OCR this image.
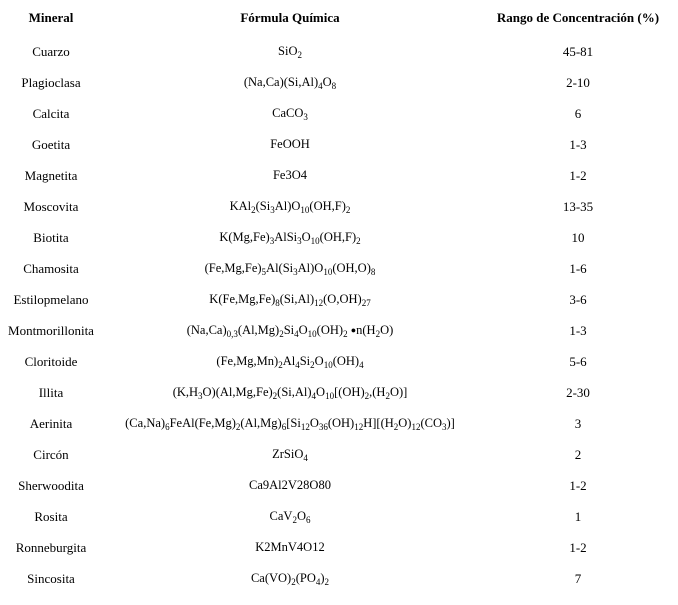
Mineral	Fórmula Química	Rango de Concentración (%)
Cuarzo	SiO$_2$	45-81
Plagioclasa	$(Na,Ca)(Si,Al)_4O_8$	2-10
Calcita	CaCO$_3$	6
Goetita	FeOOH	1-3
Magnetita	Fe3O4	1-2
Moscovita	$KAl_2(Si_3Al)O_{10}(OH,F)_2$	13-35
Biotita	$K(Mg,Fe)_3AlSi_3O_{10}(OH,F)_2$	10
Chamosita	$(Fe,Mg,Fe)_5Al(Si_3Al)O_{10}(OH,O)_8$	1-6
Estilopmelano	$K(Fe,Mg,Fe)_8(Si,Al)_{12}(O,OH)_{27}$	3-6
Montmorillonita	$(Na,Ca)_{0,3}(Al,Mg)_2Si_4O_{10}(OH)_2$ $●n(H_2O)$	1-3
Cloritoide	$(Fe,Mg,Mn)_2Al_4Si_2O_{10}(OH)_4$	5-6
Illita	$(K,H_3O)(Al,Mg,Fe)_2(Si,Al)_4O_{10}[(OH)_2,(H_2O)]$	2-30
Aerinita	$(Ca,Na)_6FeAl(Fe,Mg)_2(Al,Mg)_6[Si_{12}O_{36}(OH)_{12}H][(H_2O)_{12}(CO_3)]$	3
Circón	ZrSiO$_4$	2
Sherwoodita	Ca9Al2V28O80	1-2
Rosita	$CaV_2O_6$	1
Ronneburgita	K2MnV4O12	1-2
Sincosita	$Ca(VO)_2(PO_4)_2$	7
